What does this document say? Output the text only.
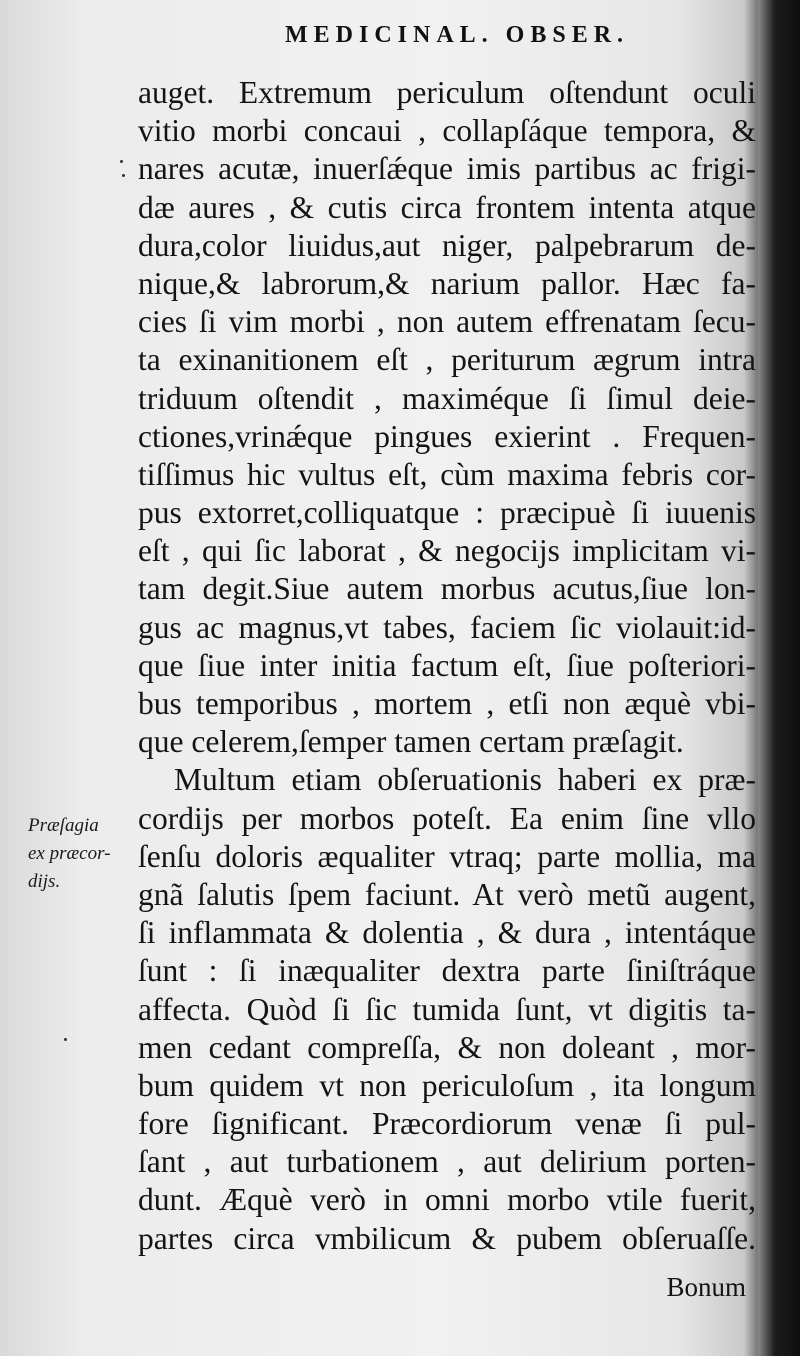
MEDICINAL. OBSER.
Præſagia
ex præcor-
dijs.
auget. Extremum periculum oſtendunt oculi
vitio morbi concaui , collapſáque tempora, &
nares acutæ, inuerſǽque imis partibus ac frigi-
dæ aures , & cutis circa frontem intenta atque
dura,color liuidus,aut niger, palpebrarum de-
nique,& labrorum,& narium pallor. Hæc fa-
cies ſi vim morbi , non autem effrenatam ſecu-
ta exinanitionem eſt , periturum ægrum intra
triduum oſtendit , maximéque ſi ſimul deie-
ctiones,vrinǽque pingues exierint . Frequen-
tiſſimus hic vultus eſt, cùm maxima febris cor-
pus extorret,colliquatque : præcipuè ſi iuuenis
eſt , qui ſic laborat , & negocijs implicitam vi-
tam degit.Siue autem morbus acutus,ſiue lon-
gus ac magnus,vt tabes, faciem ſic violauit:id-
que ſiue inter initia factum eſt, ſiue poſteriori-
bus temporibus , mortem , etſi non æquè vbi-
que celerem,ſemper tamen certam præſagit.
Multum etiam obſeruationis haberi ex præ-
cordijs per morbos poteſt. Ea enim ſine vllo
ſenſu doloris æqualiter vtraq; parte mollia, ma
gnã ſalutis ſpem faciunt. At verò metũ augent,
ſi inflammata & dolentia , & dura , intentáque
ſunt : ſi inæqualiter dextra parte ſiniſtráque
affecta. Quòd ſi ſic tumida ſunt, vt digitis ta-
men cedant compreſſa, & non doleant , mor-
bum quidem vt non periculoſum , ita longum
fore ſignificant. Præcordiorum venæ ſi pul-
ſant , aut turbationem , aut delirium porten-
dunt. Æquè verò in omni morbo vtile fuerit,
partes circa vmbilicum & pubem obſeruaſſe.
Bonum
